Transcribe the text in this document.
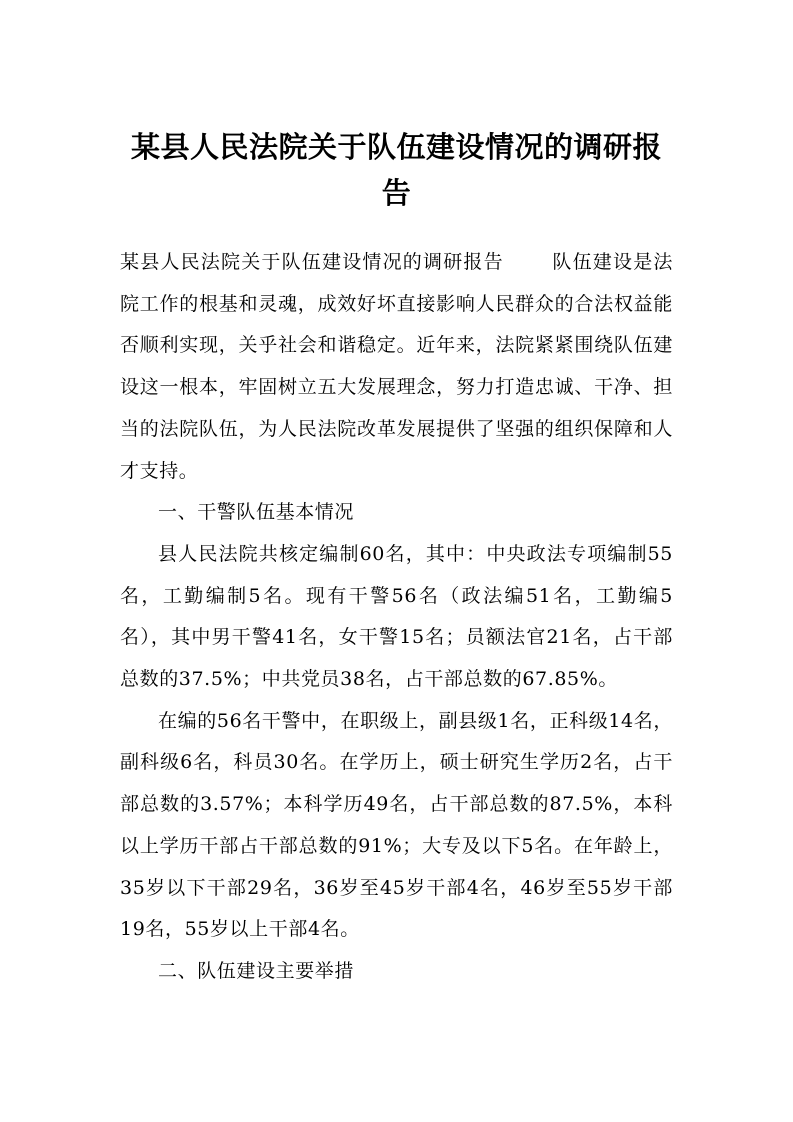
某县人民法院关于队伍建设情况的调研报告

某县人民法院关于队伍建设情况的调研报告	队伍建设是法院工作的根基和灵魂，成效好坏直接影响人民群众的合法权益能否顺利实现，关乎社会和谐稳定。近年来，法院紧紧围绕队伍建设这一根本，牢固树立五大发展理念，努力打造忠诚、干净、担当的法院队伍，为人民法院改革发展提供了坚强的组织保障和人才支持。

一、干警队伍基本情况

县人民法院共核定编制60名，其中：中央政法专项编制55名，工勤编制5名。现有干警56名（政法编51名，工勤编5名），其中男干警41名，女干警15名；员额法官21名，占干部总数的37.5%；中共党员38名，占干部总数的67.85%。

在编的56名干警中，在职级上，副县级1名，正科级14名，副科级6名，科员30名。在学历上，硕士研究生学历2名，占干部总数的3.57%；本科学历49名，占干部总数的87.5%，本科以上学历干部占干部总数的91%；大专及以下5名。在年龄上，35岁以下干部29名，36岁至45岁干部4名，46岁至55岁干部19名，55岁以上干部4名。

二、队伍建设主要举措
